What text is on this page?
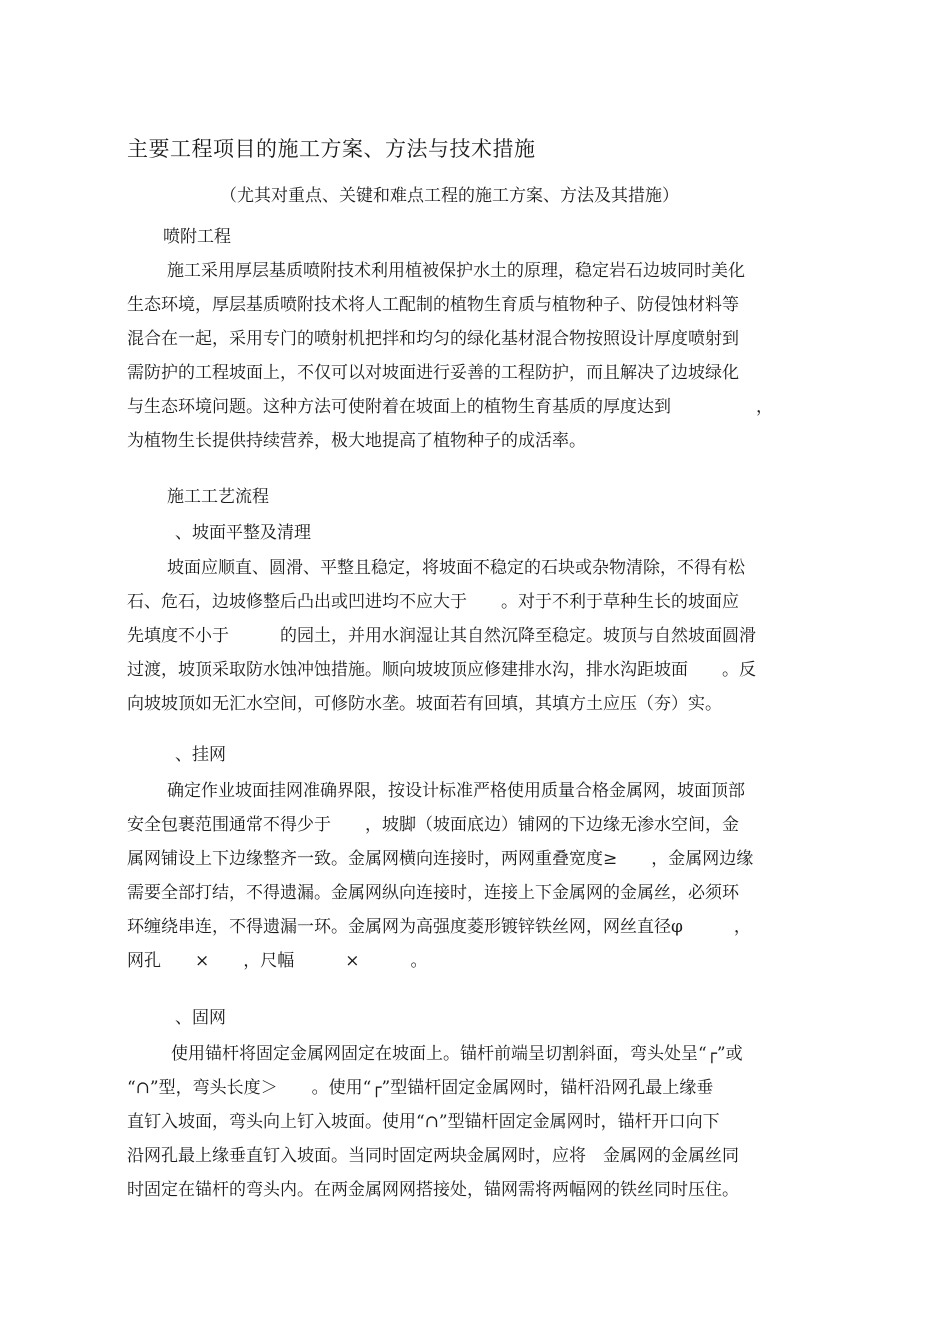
主要工程项目的施工方案、方法与技术措施
（尤其对重点、关键和难点工程的施工方案、方法及其措施）
喷附工程
施工采用厚层基质喷附技术利用植被保护水土的原理，稳定岩石边坡同时美化
生态环境，厚层基质喷附技术将人工配制的植物生育质与植物种子、防侵蚀材料等
混合在一起，采用专门的喷射机把拌和均匀的绿化基材混合物按照设计厚度喷射到
需防护的工程坡面上，不仅可以对坡面进行妥善的工程防护，而且解决了边坡绿化
与生态环境问题。这种方法可使附着在坡面上的植物生育基质的厚度达到　　　　　，
为植物生长提供持续营养，极大地提高了植物种子的成活率。
施工工艺流程
、坡面平整及清理
坡面应顺直、圆滑、平整且稳定，将坡面不稳定的石块或杂物清除，不得有松
石、危石，边坡修整后凸出或凹进均不应大于　　。对于不利于草种生长的坡面应
先填度不小于　　　的园土，并用水润湿让其自然沉降至稳定。坡顶与自然坡面圆滑
过渡，坡顶采取防水蚀冲蚀措施。顺向坡坡顶应修建排水沟，排水沟距坡面　　。反
向坡坡顶如无汇水空间，可修防水垄。坡面若有回填，其填方土应压（夯）实。
、挂网
确定作业坡面挂网准确界限，按设计标准严格使用质量合格金属网，坡面顶部
安全包裹范围通常不得少于　　，坡脚（坡面底边）铺网的下边缘无渗水空间，金
属网铺设上下边缘整齐一致。金属网横向连接时，两网重叠宽度≥　　，金属网边缘
需要全部打结，不得遗漏。金属网纵向连接时，连接上下金属网的金属丝，必须环
环缠绕串连，不得遗漏一环。金属网为高强度菱形镀锌铁丝网，网丝直径φ　　　，
网孔　　×　　，尺幅　　　×　　　。
、固网
使用锚杆将固定金属网固定在坡面上。锚杆前端呈切割斜面，弯头处呈“┌”或
“∩”型，弯头长度＞　　。使用“┌”型锚杆固定金属网时，锚杆沿网孔最上缘垂
直钉入坡面，弯头向上钉入坡面。使用“∩”型锚杆固定金属网时，锚杆开口向下
沿网孔最上缘垂直钉入坡面。当同时固定两块金属网时，应将　金属网的金属丝同
时固定在锚杆的弯头内。在两金属网网搭接处，锚网需将两幅网的铁丝同时压住。
